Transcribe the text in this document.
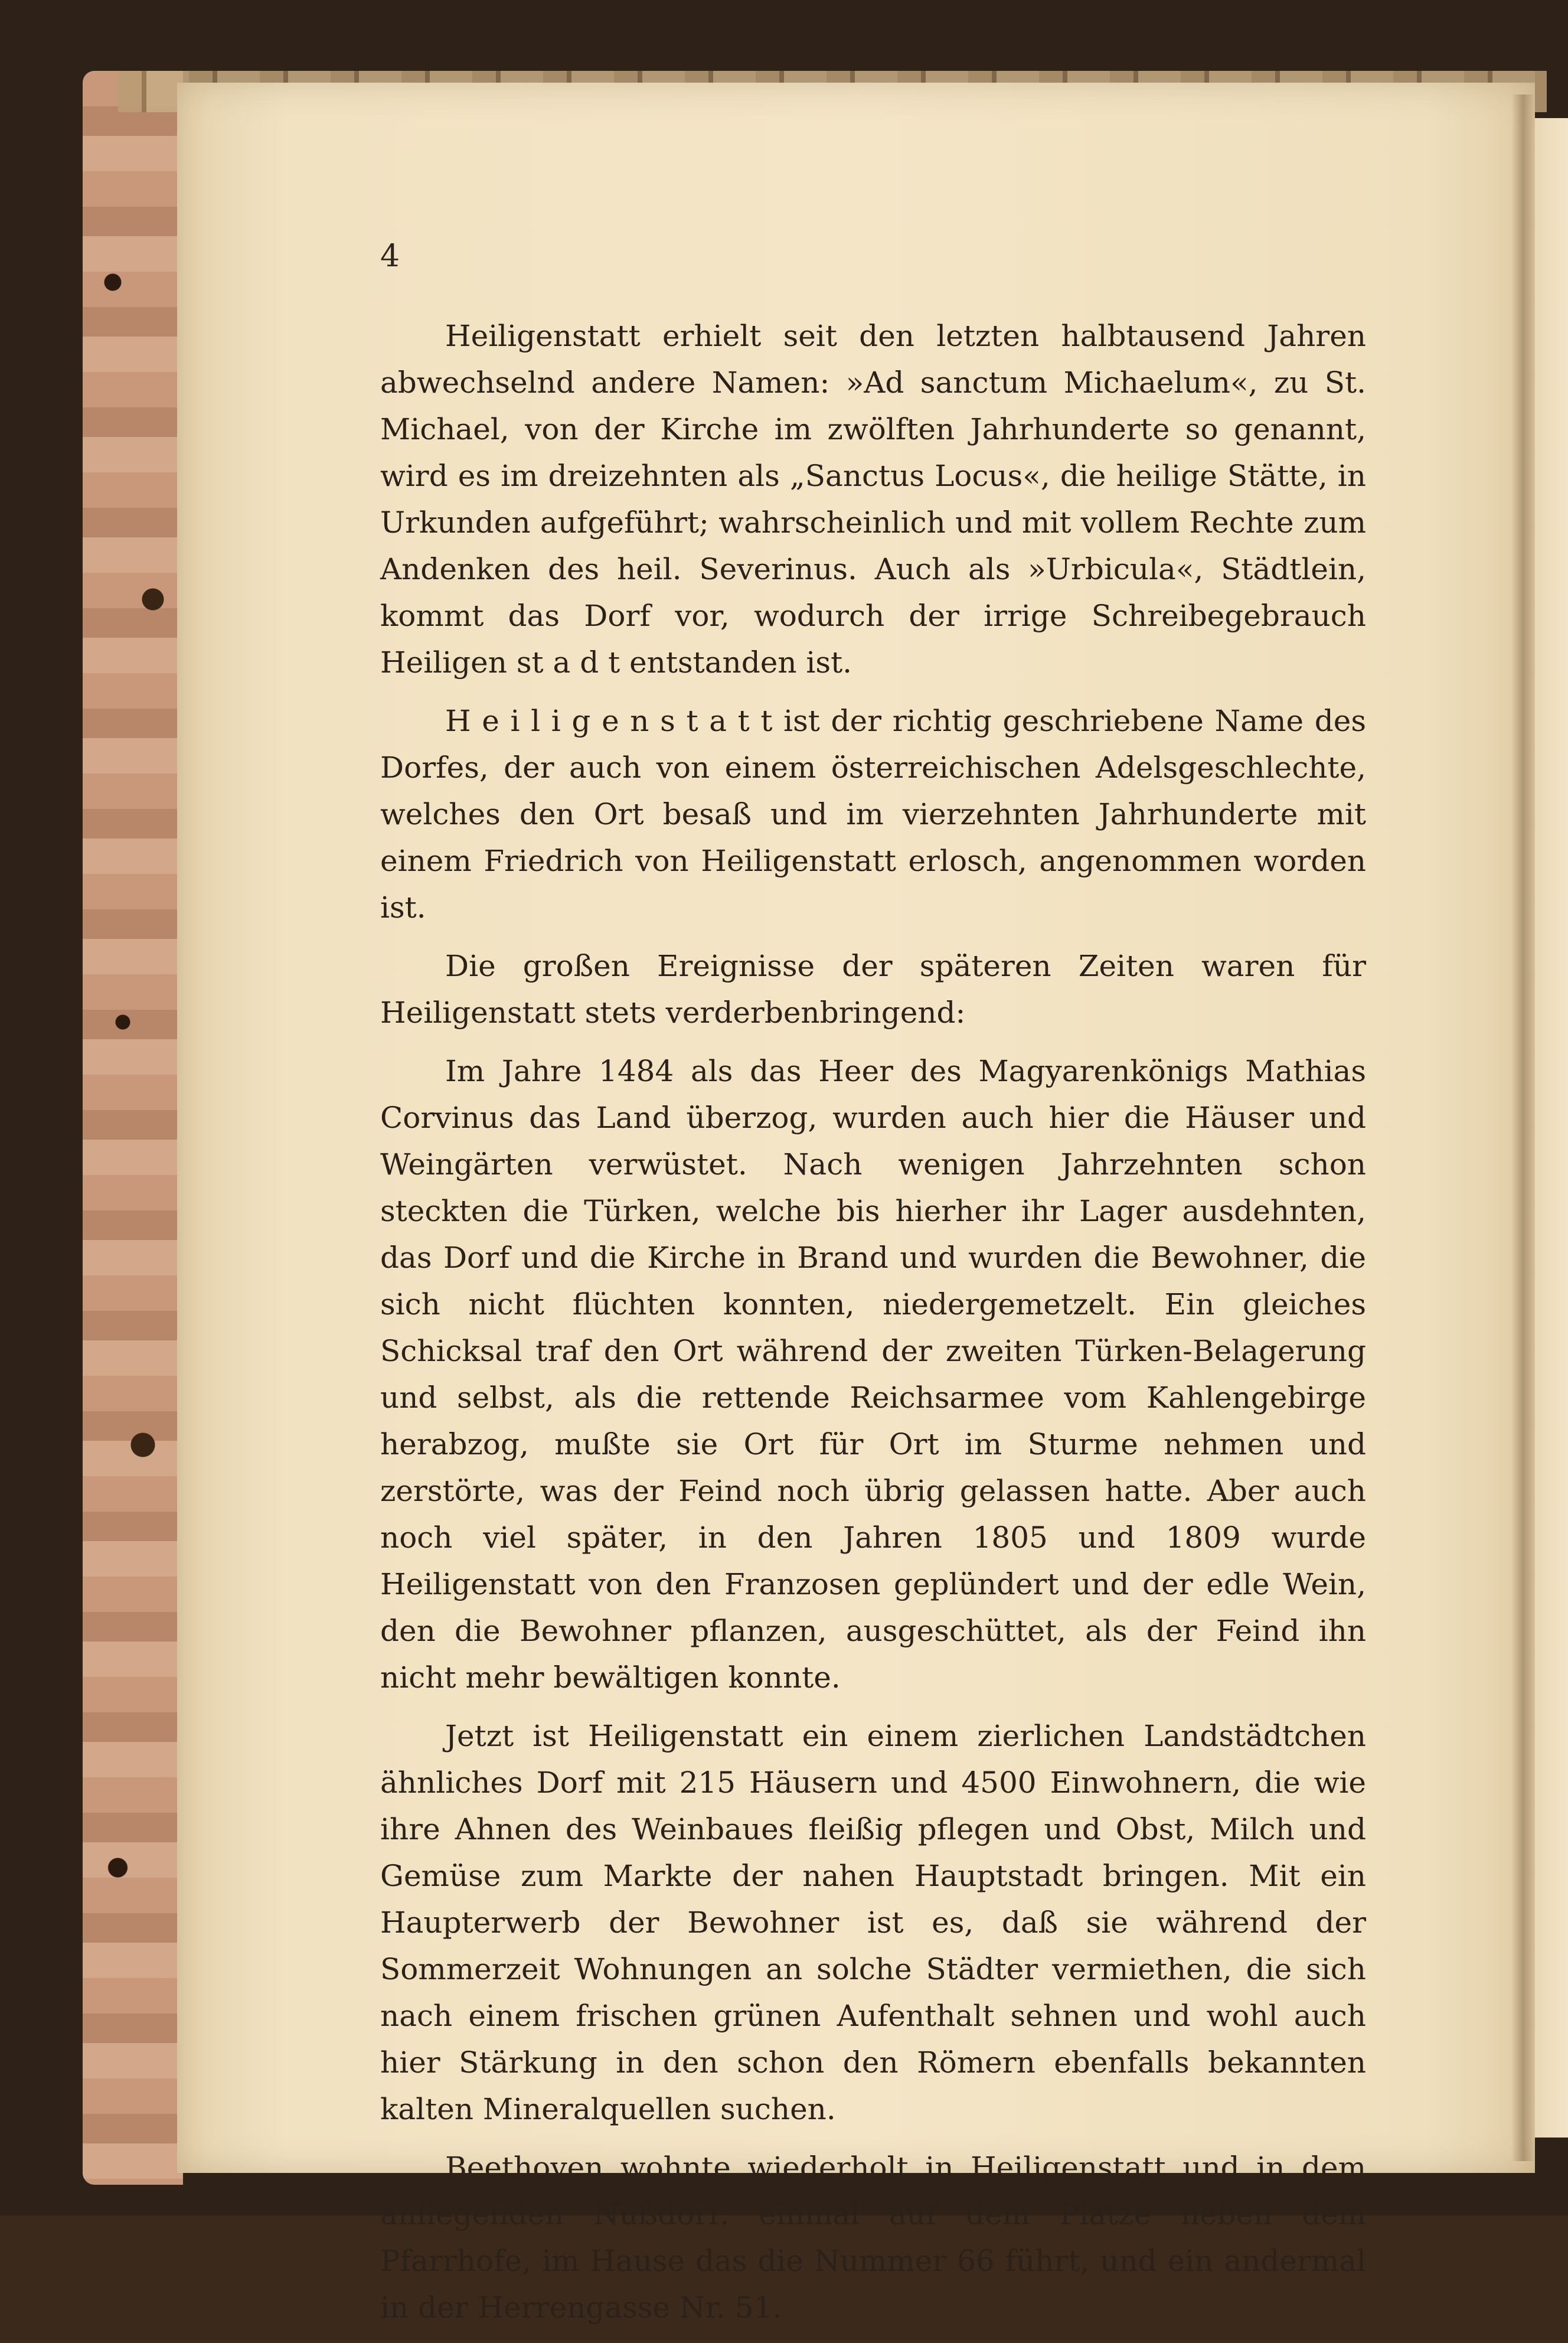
4

Heiligenstatt erhielt seit den letzten halbtausend Jahren abwechselnd andere Namen: »Ad sanctum Michaelum«, zu St. Michael, von der Kirche im zwölften Jahrhunderte so genannt, wird es im dreizehnten als „Sanctus Locus«, die heilige Stätte, in Urkunden aufgeführt; wahrscheinlich und mit vollem Rechte zum Andenken des heil. Severinus. Auch als »Urbicula«, Städtlein, kommt das Dorf vor, wodurch der irrige Schreibegebrauch Heiligen st a d t entstanden ist.

H e i l i g e n s t a t t ist der richtig geschriebene Name des Dorfes, der auch von einem österreichischen Adelsgeschlechte, welches den Ort besaß und im vierzehnten Jahrhunderte mit einem Friedrich von Heiligenstatt erlosch, angenommen worden ist.

Die großen Ereignisse der späteren Zeiten waren für Heiligenstatt stets verderbenbringend:

Im Jahre 1484 als das Heer des Magyarenkönigs Mathias Corvinus das Land überzog, wurden auch hier die Häuser und Weingärten verwüstet. Nach wenigen Jahrzehnten schon steckten die Türken, welche bis hierher ihr Lager ausdehnten, das Dorf und die Kirche in Brand und wurden die Bewohner, die sich nicht flüchten konnten, niedergemetzelt. Ein gleiches Schicksal traf den Ort während der zweiten Türken-Belagerung und selbst, als die rettende Reichsarmee vom Kahlengebirge herabzog, mußte sie Ort für Ort im Sturme nehmen und zerstörte, was der Feind noch übrig gelassen hatte. Aber auch noch viel später, in den Jahren 1805 und 1809 wurde Heiligenstatt von den Franzosen geplündert und der edle Wein, den die Bewohner pflanzen, ausgeschüttet, als der Feind ihn nicht mehr bewältigen konnte.

Jetzt ist Heiligenstatt ein einem zierlichen Landstädtchen ähnliches Dorf mit 215 Häusern und 4500 Einwohnern, die wie ihre Ahnen des Weinbaues fleißig pflegen und Obst, Milch und Gemüse zum Markte der nahen Hauptstadt bringen. Mit ein Haupterwerb der Bewohner ist es, daß sie während der Sommerzeit Wohnungen an solche Städter vermiethen, die sich nach einem frischen grünen Aufenthalt sehnen und wohl auch hier Stärkung in den schon den Römern ebenfalls bekannten kalten Mineralquellen suchen.

Beethoven wohnte wiederholt in Heiligenstatt und in dem anliegenden Nußdorf: einmal auf dem Platze neben dem Pfarrhofe, im Hause das die Nummer 66 führt, und ein andermal in der Herrengasse Nr. 51.
